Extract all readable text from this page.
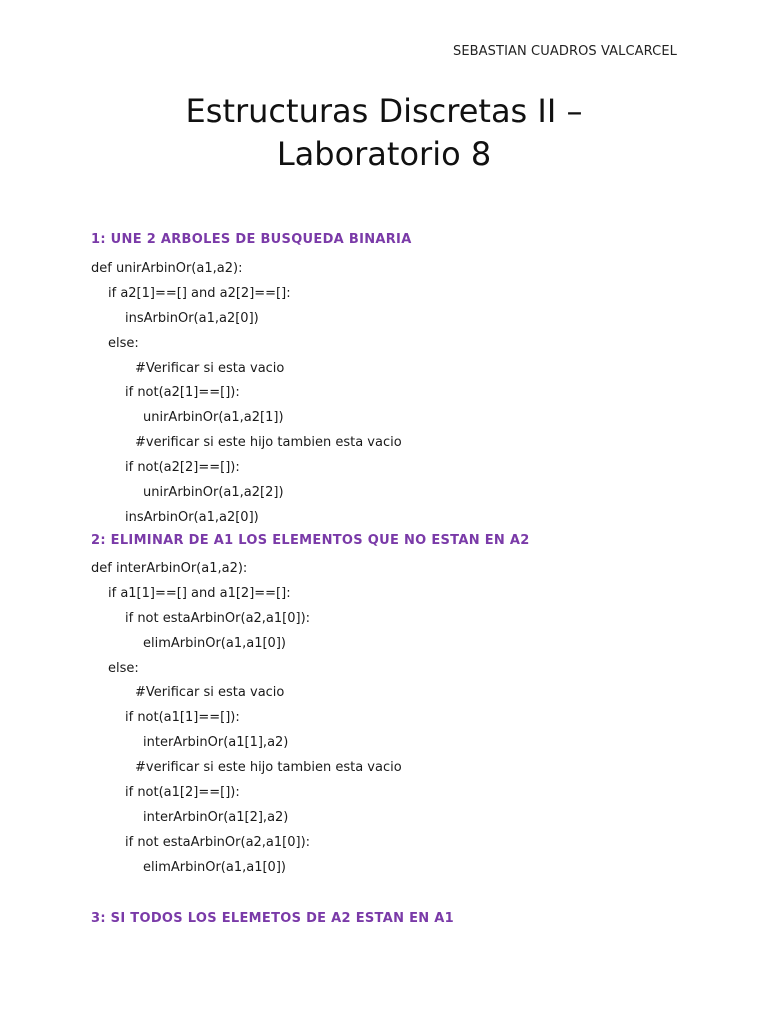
SEBASTIAN CUADROS VALCARCEL
Estructuras Discretas II –
Laboratorio 8
1: UNE 2 ARBOLES DE BUSQUEDA BINARIA
def unirArbinOr(a1,a2):
if a2[1]==[] and a2[2]==[]:
insArbinOr(a1,a2[0])
else:
#Verificar si esta vacio
if not(a2[1]==[]):
unirArbinOr(a1,a2[1])
#verificar si este hijo tambien esta vacio
if not(a2[2]==[]):
unirArbinOr(a1,a2[2])
insArbinOr(a1,a2[0])
2: ELIMINAR DE A1 LOS ELEMENTOS QUE NO ESTAN EN A2
def interArbinOr(a1,a2):
if a1[1]==[] and a1[2]==[]:
if not estaArbinOr(a2,a1[0]):
elimArbinOr(a1,a1[0])
else:
#Verificar si esta vacio
if not(a1[1]==[]):
interArbinOr(a1[1],a2)
#verificar si este hijo tambien esta vacio
if not(a1[2]==[]):
interArbinOr(a1[2],a2)
if not estaArbinOr(a2,a1[0]):
elimArbinOr(a1,a1[0])
3: SI TODOS LOS ELEMETOS DE A2 ESTAN EN A1
